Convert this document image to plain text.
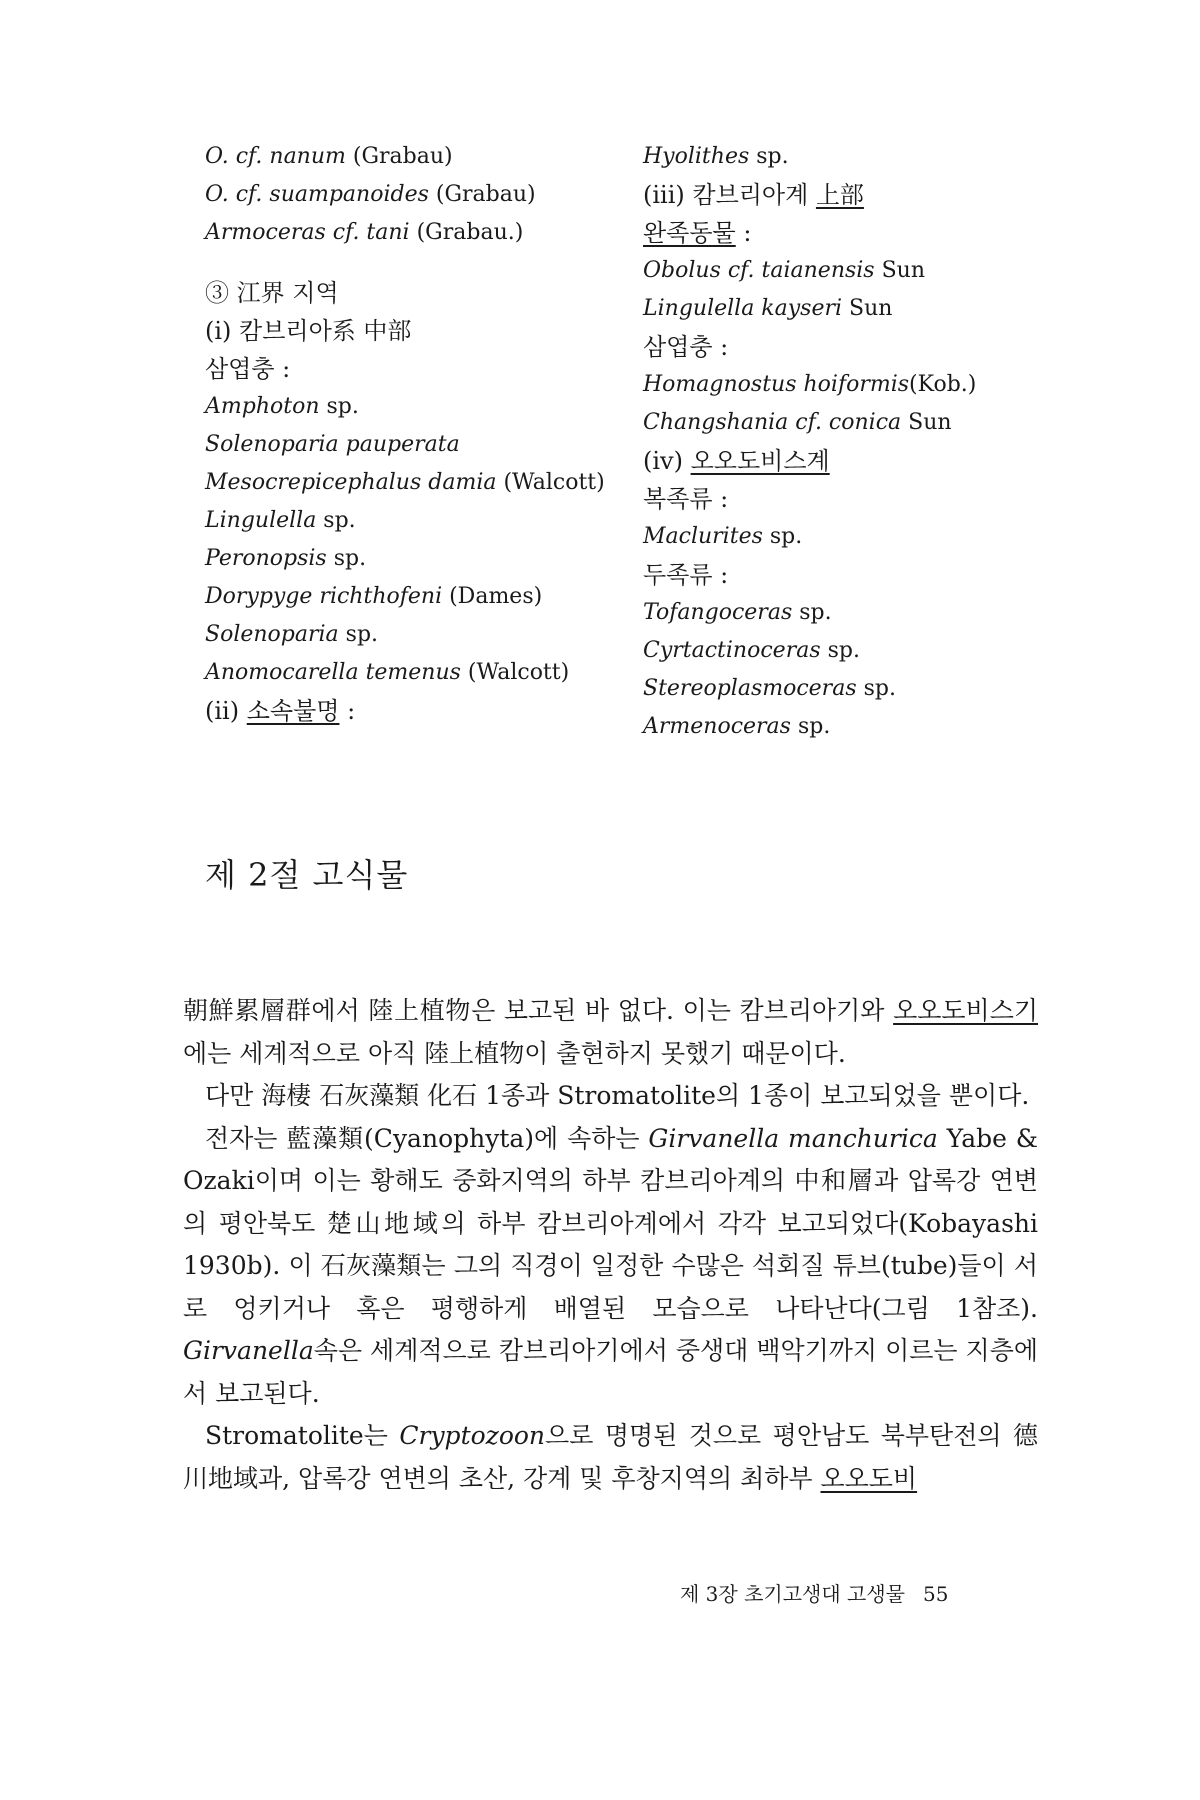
O. cf. nanum (Grabau)
O. cf. suampanoides (Grabau)
Armoceras cf. tani (Grabau.)
③ 江界 지역
(i) 캄브리아系 中部
삼엽충 :
Amphoton sp.
Solenoparia pauperata
Mesocrepicephalus damia (Walcott)
Lingulella sp.
Peronopsis sp.
Dorypyge richthofeni (Dames)
Solenoparia sp.
Anomocarella temenus (Walcott)
(ii) 소속불명 :
Hyolithes sp.
(iii) 캄브리아계 上部
완족동물 :
Obolus cf. taianensis Sun
Lingulella kayseri Sun
삼엽충 :
Homagnostus hoiformis(Kob.)
Changshania cf. conica Sun
(iv) 오오도비스계
복족류 :
Maclurites sp.
두족류 :
Tofangoceras sp.
Cyrtactinoceras sp.
Stereoplasmoceras sp.
Armenoceras sp.
제 2절 고식물

朝鮮累層群에서 陸上植物은 보고된 바 없다. 이는 캄브리아기와 오오도비스기에는 세계적으로 아직 陸上植物이 출현하지 못했기 때문이다.

다만 海棲 石灰藻類 化石 1종과 Stromatolite의 1종이 보고되었을 뿐이다.

전자는 藍藻類(Cyanophyta)에 속하는 Girvanella manchurica Yabe & Ozaki이며 이는 황해도 중화지역의 하부 캄브리아계의 中和層과 압록강 연변의 평안북도 楚山地域의 하부 캄브리아계에서 각각 보고되었다(Kobayashi 1930b). 이 石灰藻類는 그의 직경이 일정한 수많은 석회질 튜브(tube)들이 서로 엉키거나 혹은 평행하게 배열된 모습으로 나타난다(그림 1참조). Girvanella속은 세계적으로 캄브리아기에서 중생대 백악기까지 이르는 지층에서 보고된다.

Stromatolite는 Cryptozoon으로 명명된 것으로 평안남도 북부탄전의 德川地域과, 압록강 연변의 초산, 강계 및 후창지역의 최하부 오오도비

제 3장 초기고생대 고생물 55
